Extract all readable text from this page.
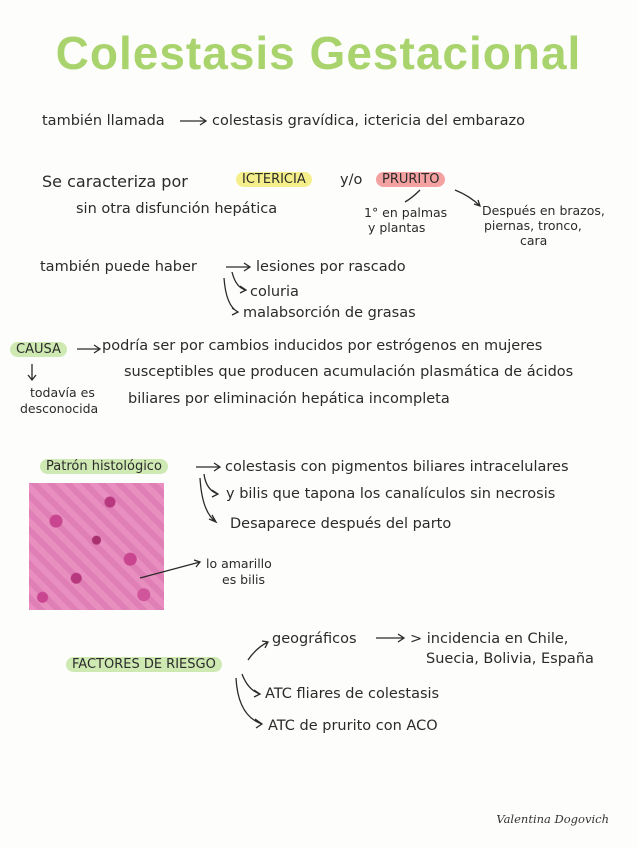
Colestasis Gestacional
también llamada	colestasis gravídica, ictericia del embarazo
Se caracteriza por	ICTERICIA	y/o	PRURITO
sin otra disfunción hepática	1° en palmas
y plantas
Después en brazos,
piernas, tronco,
cara
también puede haber	lesiones por rascado
coluria
malabsorción de grasas
CAUSA	podría ser por cambios inducidos por estrógenos en mujeres
susceptibles que producen acumulación plasmática de ácidos
biliares por eliminación hepática incompleta
todavía es
desconocida
Patrón histológico	colestasis con pigmentos biliares intracelulares
y bilis que tapona los canalículos sin necrosis
Desaparece después del parto
lo amarillo
es bilis
FACTORES DE RIESGO
geográficos	> incidencia en Chile,
Suecia, Bolivia, España
ATC fliares de colestasis
ATC de prurito con ACO
Valentina Dogovich
